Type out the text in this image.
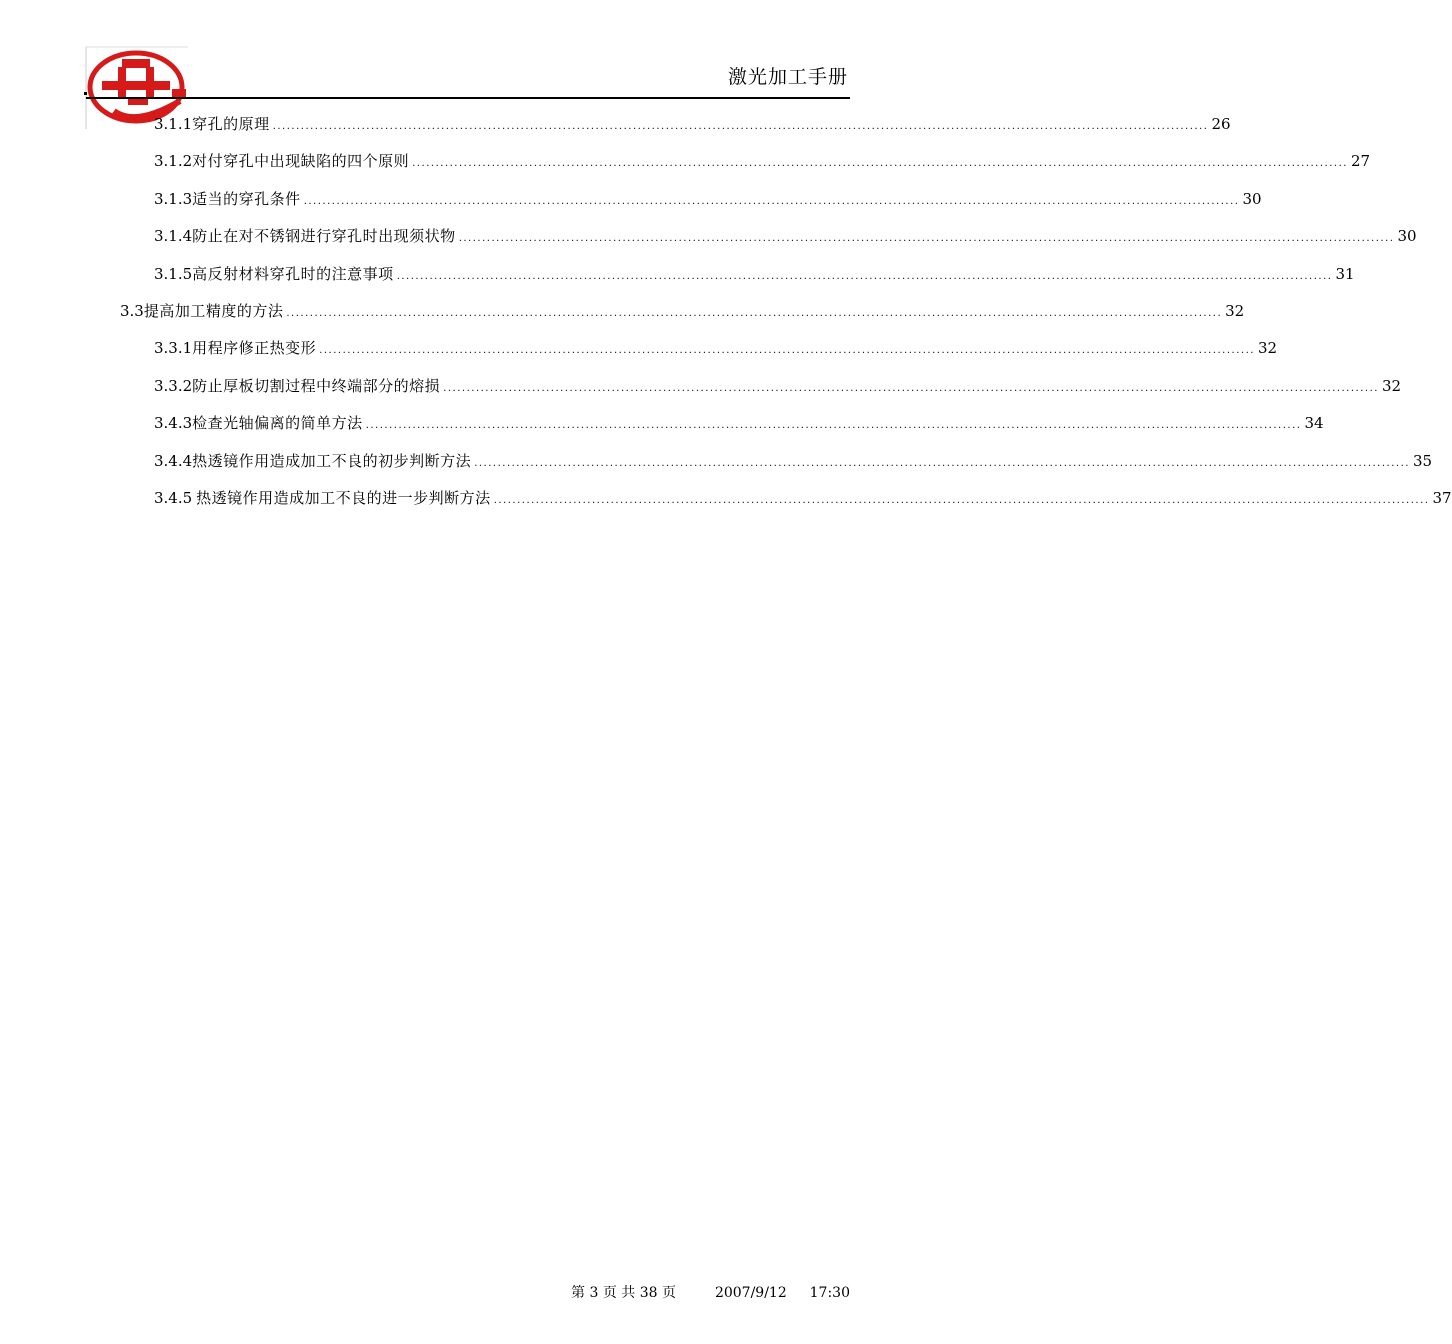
激光加工手册
3.1.1 穿孔的原理 ........................................................................................................................................................................................................ 26
3.1.2 对付穿孔中出现缺陷的四个原则 ........................................................................................................................................................................................................ 27
3.1.3 适当的穿孔条件 ........................................................................................................................................................................................................ 30
3.1.4 防止在对不锈钢进行穿孔时出现须状物 ........................................................................................................................................................................................................ 30
3.1.5 高反射材料穿孔时的注意事项 ........................................................................................................................................................................................................ 31
3.3 提高加工精度的方法 ........................................................................................................................................................................................................ 32
3.3.1 用程序修正热变形 ........................................................................................................................................................................................................ 32
3.3.2 防止厚板切割过程中终端部分的熔损 ........................................................................................................................................................................................................ 32
3.4.3 检查光轴偏离的简单方法 ........................................................................................................................................................................................................ 34
3.4.4 热透镜作用造成加工不良的初步判断方法 ........................................................................................................................................................................................................ 35
3.4.5 热透镜作用造成加工不良的进一步判断方法 ........................................................................................................................................................................................................ 37
第 3 页 共 38 页	2007/9/12 17:30
